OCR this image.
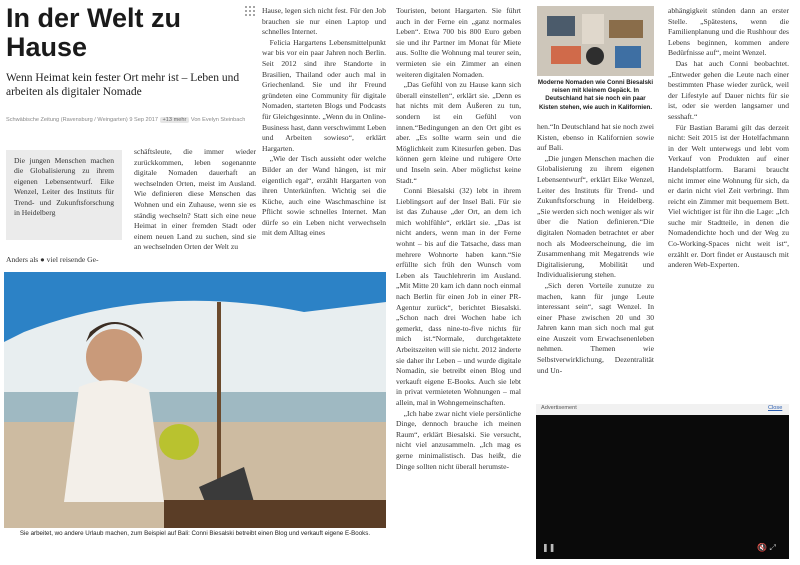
In der Welt zu Hause

Wenn Heimat kein fester Ort mehr ist – Leben und arbeiten als digitaler Nomade

Schwäbische Zeitung (Ravensburg / Weingarten) 9 Sep 2017 +13 mehr Von Evelyn Steinbach
Die jungen Menschen machen die Globalisierung zu ihrem eigenen Lebensentwurf. Eike Wenzel, Leiter des Instituts für Trend- und Zukunftsforschung in Heidelberg

Anders als ● viel reisende Ge-

schäftsleute, die immer wieder zurückkommen, leben sogenannte digitale Nomaden dauerhaft an wechselnden Orten, meist im Ausland. Wie definieren diese Menschen das Wohnen und ein Zuhause, wenn sie es ständig wechseln? Statt sich eine neue Heimat in einer fremden Stadt oder einem neuen Land zu suchen, sind sie an wechselnden Orten der Welt zu

Hause, legen sich nicht fest. Für den Job brauchen sie nur einen Laptop und schnelles Internet.
 Felicia Hargartens Lebensmittelpunkt war bis vor ein paar Jahren noch Berlin. Seit 2012 sind ihre Standorte in Brasilien, Thailand oder auch mal in Griechenland. Sie und ihr Freund gründeten eine Community für digitale Nomaden, starteten Blogs und Podcasts für Gleichgesinnte. „Wenn du in Online-Business hast, dann verschwimmt Leben und Arbeiten sowieso“, erklärt Hargarten.
 „Wie der Tisch aussieht oder welche Bilder an der Wand hängen, ist mir eigentlich egal“, erzählt Hargarten von ihren Unterkünften. Wichtig sei die Küche, auch eine Waschmaschine ist Pflicht sowie schnelles Internet. Man dürfe so ein Leben nicht verwechseln mit dem Alltag eines

Touristen, betont Hargarten. Sie führt auch in der Ferne ein „ganz normales Leben“. Etwa 700 bis 800 Euro geben sie und ihr Partner im Monat für Miete aus. Sollte die Wohnung mal teurer sein, vermieten sie ein Zimmer an einen weiteren digitalen Nomaden.
 „Das Gefühl von zu Hause kann sich überall einstellen“, erklärt sie. „Denn es hat nichts mit dem Äußeren zu tun, sondern ist ein Gefühl von innen.“Bedingungen an den Ort gibt es aber. „Es sollte warm sein und die Möglichkeit zum Kitesurfen geben. Das können gern kleine und ruhigere Orte und Inseln sein. Aber möglichst keine Stadt.“
 Conni Biesalski (32) lebt in ihrem Lieblingsort auf der Insel Bali. Für sie ist das Zuhause „der Ort, an dem ich mich wohlfühle“, erklärt sie. „Das ist nicht anders, wenn man in der Ferne wohnt – bis auf die Tatsache, dass man mehrere Wohnorte haben kann.“Sie erfüllte sich früh den Wunsch vom Leben als Tauchlehrerin im Ausland. „Mit Mitte 20 kam ich dann noch einmal nach Berlin für einen Job in einer PR-Agentur zurück“, berichtet Biesalski. „Schon nach drei Wochen habe ich gemerkt, dass nine-to-five nichts für mich ist.“Normale, durchgetaktete Arbeitszeiten will sie nicht. 2012 änderte sie daher ihr Leben – und wurde digitale Nomadin, sie betreibt einen Blog und verkauft eigene E-Books. Auch sie lebt in privat vermieteten Wohnungen – mal allein, mal in Wohngemeinschaften.
 „Ich habe zwar nicht viele persönliche Dinge, dennoch brauche ich meinen Raum“, erklärt Biesalski. Sie versucht, nicht viel anzusammeln. „Ich mag es gerne minimalistisch. Das heißt, die Dinge sollten nicht überall herumste-

hen.“In Deutschland hat sie noch zwei Kisten, ebenso in Kalifornien sowie auf Bali.
 „Die jungen Menschen machen die Globalisierung zu ihrem eigenen Lebensentwurf“, erklärt Eike Wenzel, Leiter des Instituts für Trend- und Zukunftsforschung in Heidelberg. „Sie werden sich noch weniger als wir über die Nation definieren.“Die digitalen Nomaden betrachtet er aber noch als Modeerscheinung, die im Zusammenhang mit Megatrends wie Digitalisierung, Mobilität und Individualisierung stehen.
 „Sich deren Vorteile zunutze zu machen, kann für junge Leute interessant sein“, sagt Wenzel. In einer Phase zwischen 20 und 30 Jahren kann man sich noch mal gut eine Auszeit vom Erwachsenenleben nehmen. Themen wie Selbstverwirklichung, Dezentralität und Un-

abhängigkeit stünden dann an erster Stelle. „Spätestens, wenn die Familienplanung und die Rushhour des Lebens beginnen, kommen andere Bedürfnisse auf“, meint Wenzel.
 Das hat auch Conni beobachtet. „Entweder gehen die Leute nach einer bestimmten Phase wieder zurück, weil der Lifestyle auf Dauer nichts für sie ist, oder sie werden langsamer und sesshaft.“
 Für Bastian Barami gilt das derzeit nicht: Seit 2015 ist der Hotelfachmann in der Welt unterwegs und lebt vom Verkauf von Produkten auf einer Handelsplattform. Barami braucht nicht immer eine Wohnung für sich, da er darin nicht viel Zeit verbringt. Ihm reicht ein Zimmer mit bequemem Bett. Viel wichtiger ist für ihn die Lage: „Ich suche mir Stadtteile, in denen die Nomadendichte hoch und der Weg zu Co-Working-Spaces nicht weit ist“, erzählt er. Dort findet er Austausch mit anderen Web-Experten.

Sie arbeitet, wo andere Urlaub machen, zum Beispiel auf Bali: Conni Biesalski betreibt einen Blog und verkauft eigene E-Books.

Moderne Nomaden wie Conni Biesalski reisen mit kleinem Gepäck. In Deutschland hat sie noch ein paar Kisten stehen, wie auch in Kalifornien.

Advertisement	Close
❚❚	🔇 ⤢
